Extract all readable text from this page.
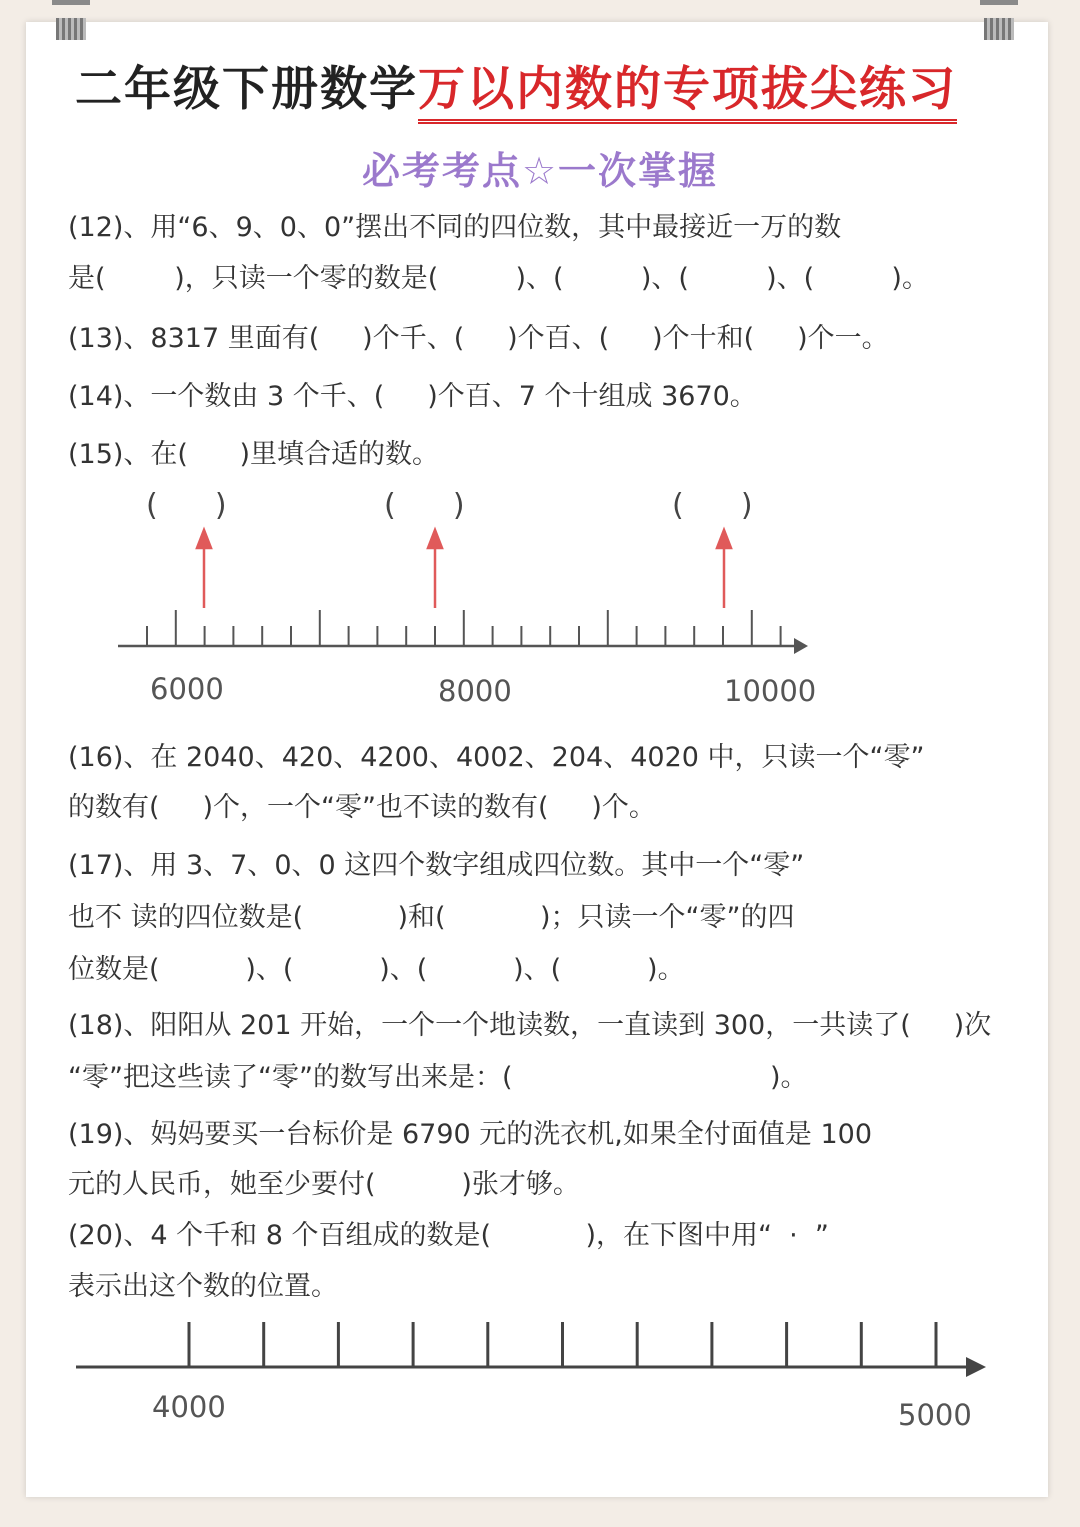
二年级下册数学万以内数的专项拔尖练习
必考考点☆一次掌握
(12)、用“6、9、0、0”摆出不同的四位数，其中最接近一万的数
是(        )，只读一个零的数是(         )、(         )、(         )、(         )。
(13)、8317 里面有(     )个千、(     )个百、(     )个十和(     )个一。
(14)、一个数由 3 个千、(     )个百、7 个十组成 3670。
(15)、在(      )里填合适的数。
(      )	(      )	(      )
6000	8000	10000
(16)、在 2040、420、4200、4002、204、4020 中，只读一个“零”
的数有(     )个，一个“零”也不读的数有(     )个。
(17)、用 3、7、0、0 这四个数字组成四位数。其中一个“零”
也不 读的四位数是(           )和(           )；只读一个“零”的四
位数是(          )、(          )、(          )、(          )。
(18)、阳阳从 201 开始，一个一个地读数，一直读到 300，一共读了(     )次
“零”把这些读了“零”的数写出来是：(                              )。
(19)、妈妈要买一台标价是 6790 元的洗衣机,如果全付面值是 100
元的人民币，她至少要付(          )张才够。
(20)、4 个千和 8 个百组成的数是(           )，在下图中用“  ·  ”
表示出这个数的位置。
4000	5000
